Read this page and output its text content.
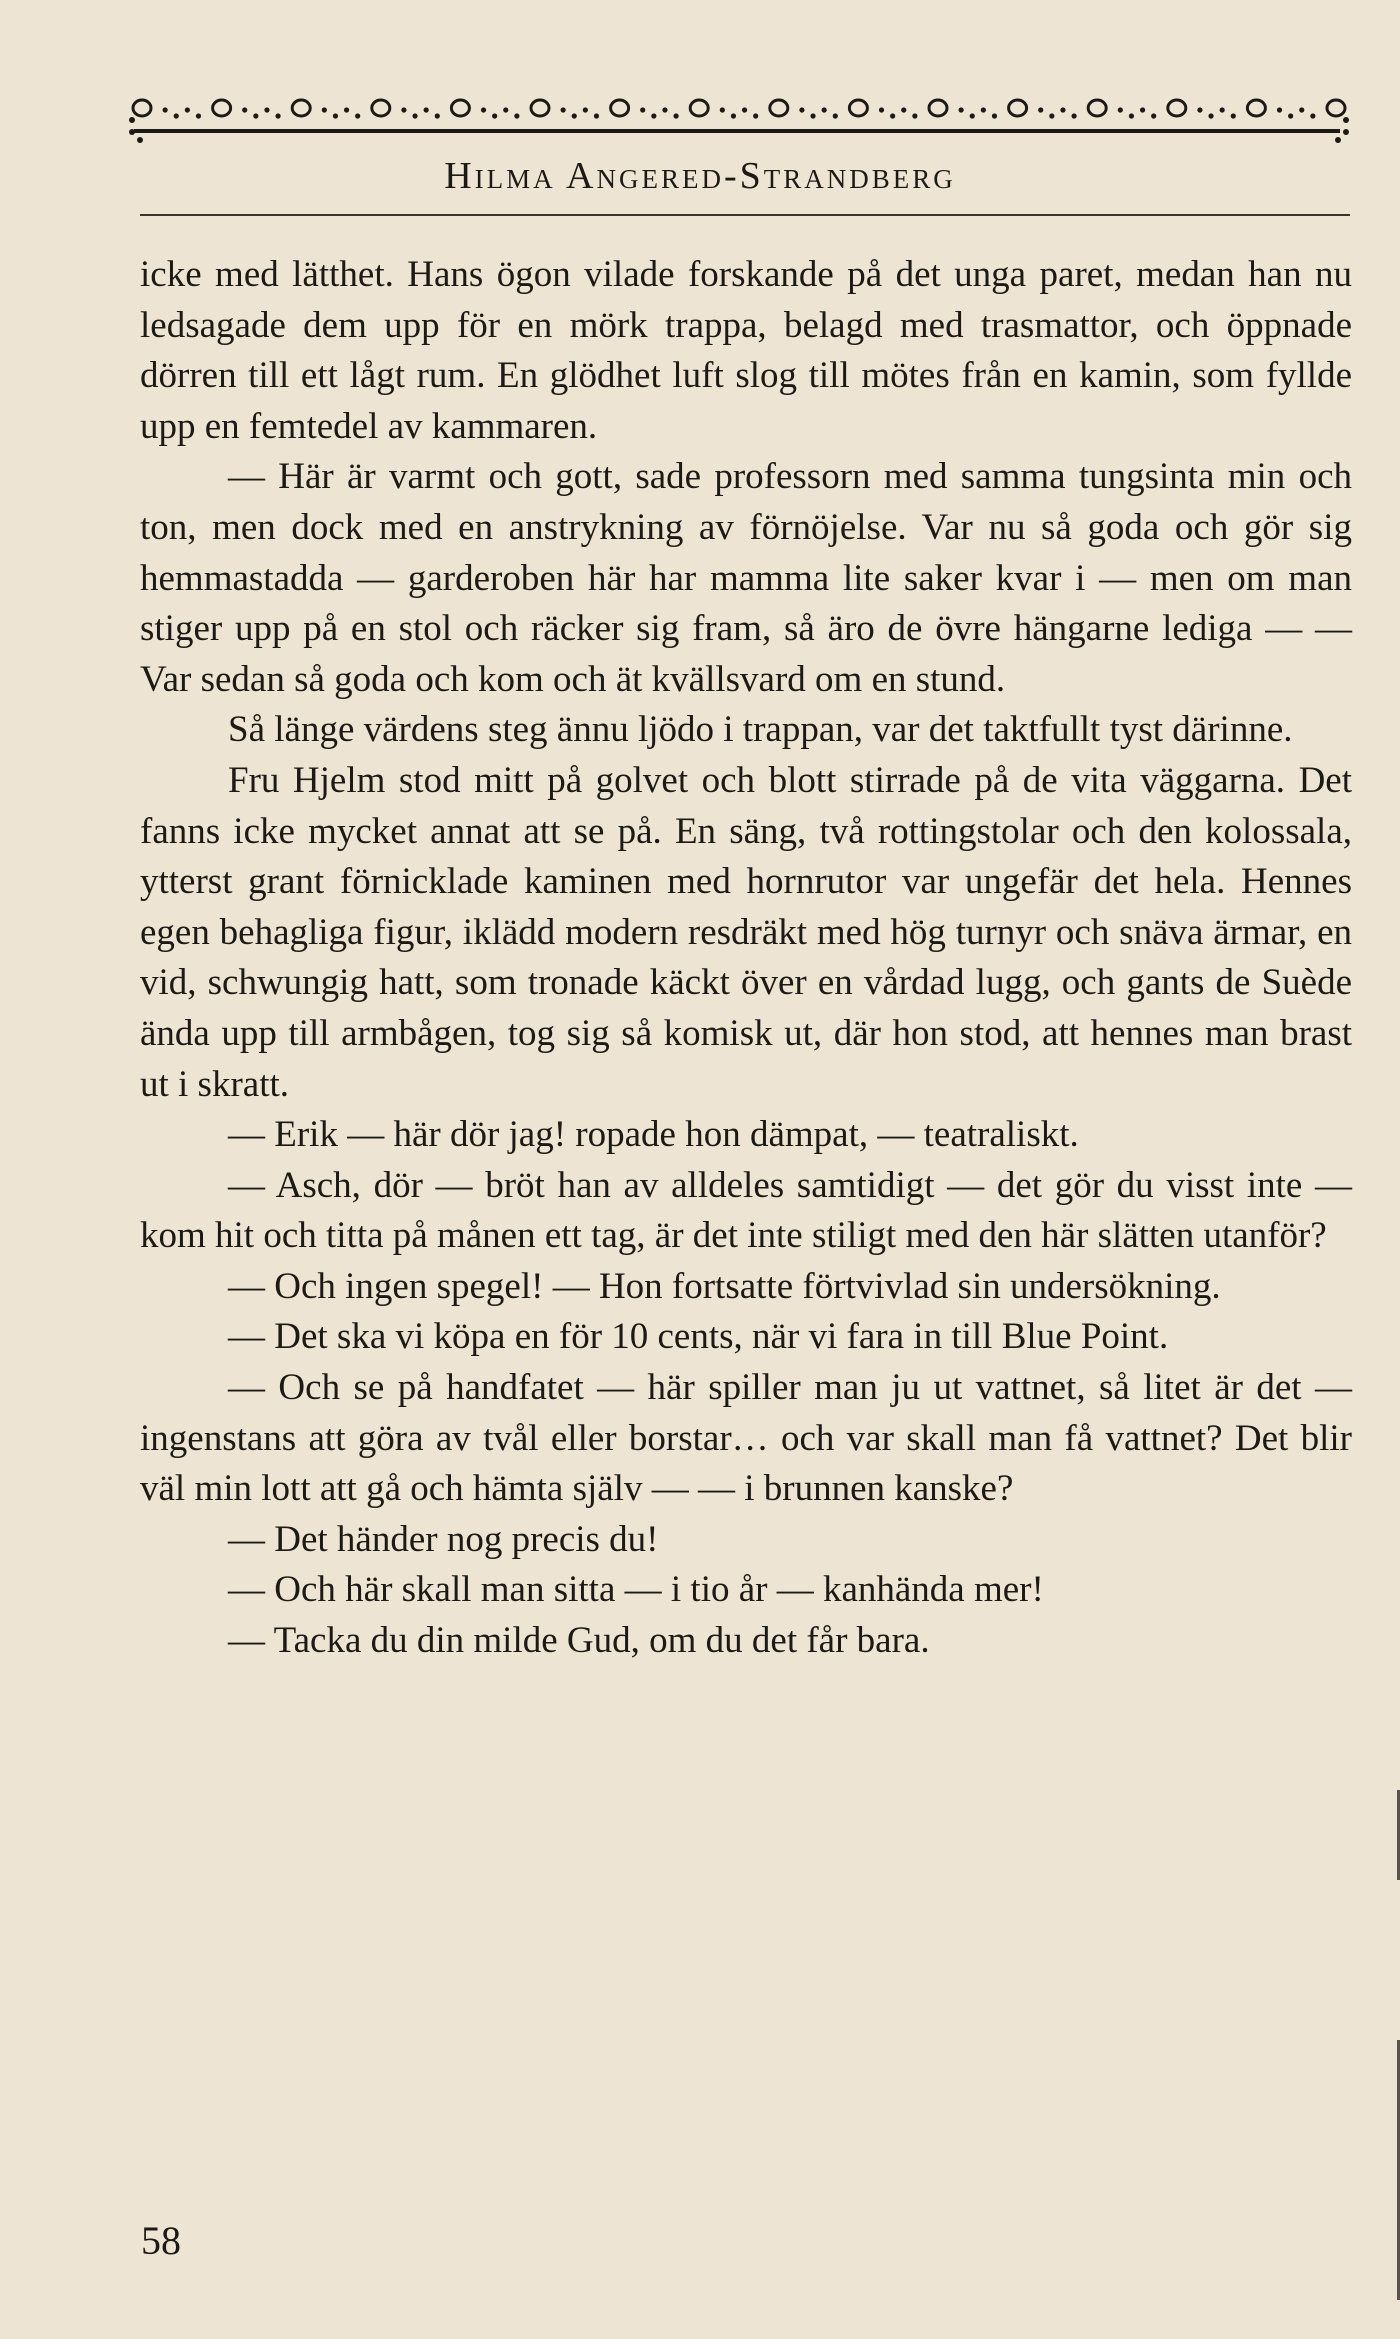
Hilma Angered-Strandberg

icke med lätthet. Hans ögon vilade forskande på det unga paret, medan han nu ledsagade dem upp för en mörk trappa, belagd med trasmattor, och öppnade dörren till ett lågt rum. En glödhet luft slog till mötes från en kamin, som fyllde upp en femtedel av kammaren.

— Här är varmt och gott, sade professorn med samma tungsinta min och ton, men dock med en anstrykning av förnöjelse. Var nu så goda och gör sig hemmastadda — garderoben här har mamma lite saker kvar i — men om man stiger upp på en stol och räcker sig fram, så äro de övre hängarne lediga — — Var sedan så goda och kom och ät kvällsvard om en stund.

Så länge värdens steg ännu ljödo i trappan, var det taktfullt tyst därinne.

Fru Hjelm stod mitt på golvet och blott stirrade på de vita väggarna. Det fanns icke mycket annat att se på. En säng, två rottingstolar och den kolossala, ytterst grant förnicklade kaminen med hornrutor var ungefär det hela. Hennes egen behagliga figur, iklädd modern resdräkt med hög turnyr och snäva ärmar, en vid, schwungig hatt, som tronade käckt över en vårdad lugg, och gants de Suède ända upp till armbågen, tog sig så komisk ut, där hon stod, att hennes man brast ut i skratt.

— Erik — här dör jag! ropade hon dämpat, — teatraliskt.

— Asch, dör — bröt han av alldeles samtidigt — det gör du visst inte — kom hit och titta på månen ett tag, är det inte stiligt med den här slätten utanför?

— Och ingen spegel! — Hon fortsatte förtvivlad sin undersökning.

— Det ska vi köpa en för 10 cents, när vi fara in till Blue Point.

— Och se på handfatet — här spiller man ju ut vattnet, så litet är det — ingenstans att göra av tvål eller borstar… och var skall man få vattnet? Det blir väl min lott att gå och hämta själv — — i brunnen kanske?

— Det händer nog precis du!

— Och här skall man sitta — i tio år — kanhända mer!

— Tacka du din milde Gud, om du det får bara.

58
